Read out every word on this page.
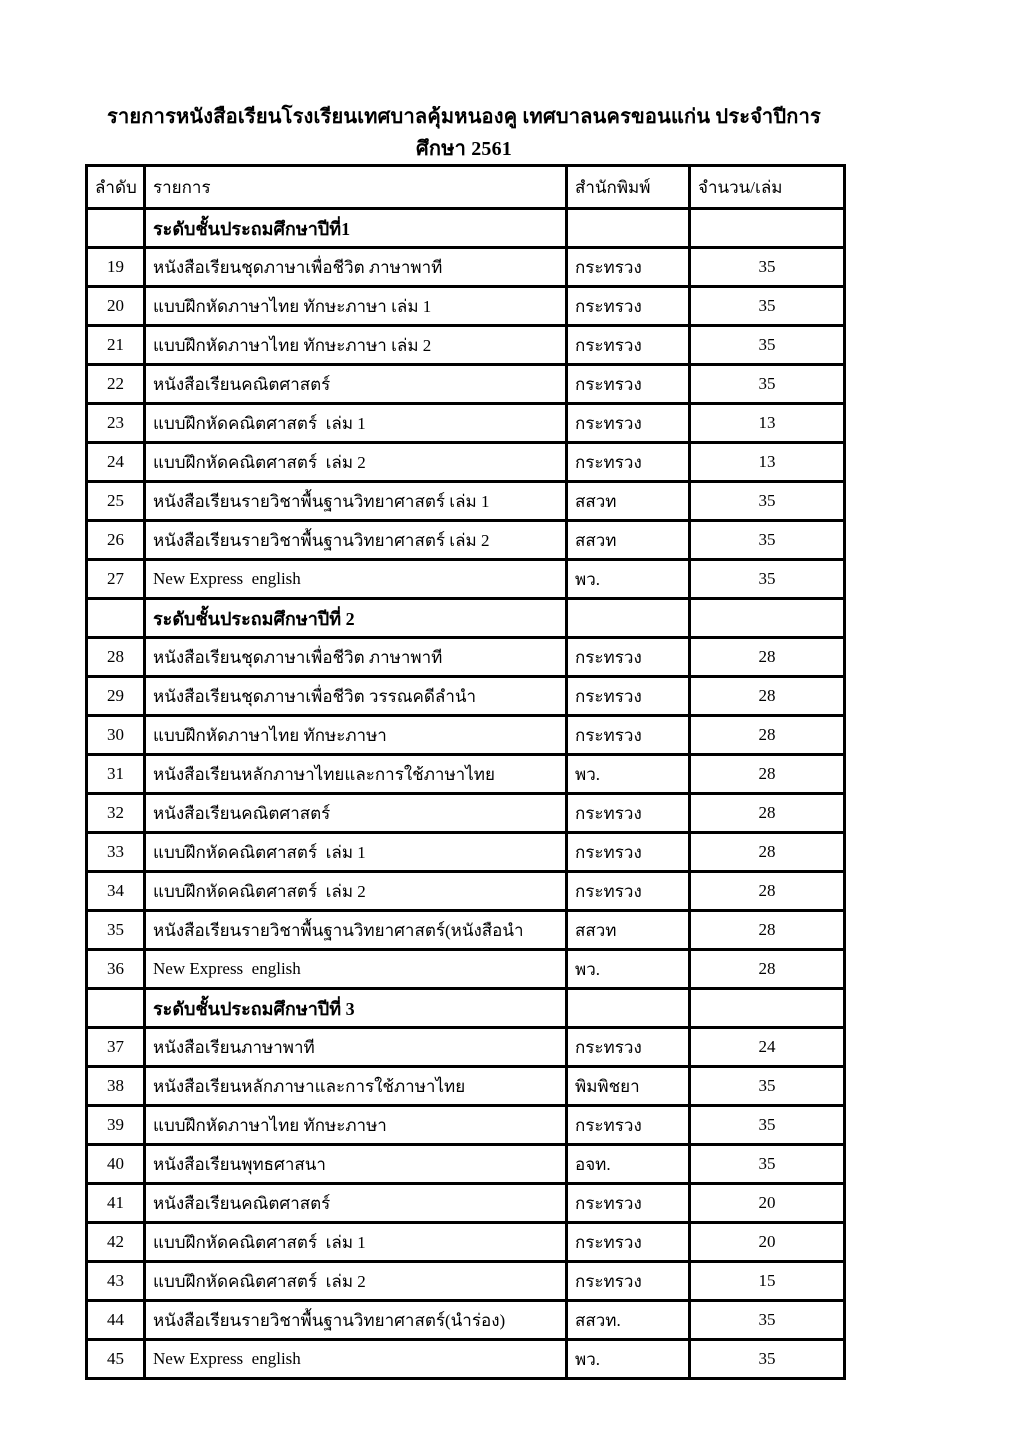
รายการหนังสือเรียนโรงเรียนเทศบาลคุ้มหนองคู เทศบาลนครขอนแก่น ประจำปีการศึกษา 2561
ลำดับ	รายการ	สำนักพิมพ์	จำนวน/เล่ม
	ระดับชั้นประถมศึกษาปีที่1		
19	หนังสือเรียนชุดภาษาเพื่อชีวิต ภาษาพาที	กระทรวง	35
20	แบบฝึกหัดภาษาไทย ทักษะภาษา เล่ม 1	กระทรวง	35
21	แบบฝึกหัดภาษาไทย ทักษะภาษา เล่ม 2	กระทรวง	35
22	หนังสือเรียนคณิตศาสตร์	กระทรวง	35
23	แบบฝึกหัดคณิตศาสตร์  เล่ม 1	กระทรวง	13
24	แบบฝึกหัดคณิตศาสตร์  เล่ม 2	กระทรวง	13
25	หนังสือเรียนรายวิชาพื้นฐานวิทยาศาสตร์ เล่ม 1	สสวท	35
26	หนังสือเรียนรายวิชาพื้นฐานวิทยาศาสตร์ เล่ม 2	สสวท	35
27	New Express  english	พว.	35
	ระดับชั้นประถมศึกษาปีที่ 2		
28	หนังสือเรียนชุดภาษาเพื่อชีวิต ภาษาพาที	กระทรวง	28
29	หนังสือเรียนชุดภาษาเพื่อชีวิต วรรณคดีลำนำ	กระทรวง	28
30	แบบฝึกหัดภาษาไทย ทักษะภาษา	กระทรวง	28
31	หนังสือเรียนหลักภาษาไทยและการใช้ภาษาไทย	พว.	28
32	หนังสือเรียนคณิตศาสตร์	กระทรวง	28
33	แบบฝึกหัดคณิตศาสตร์  เล่ม 1	กระทรวง	28
34	แบบฝึกหัดคณิตศาสตร์  เล่ม 2	กระทรวง	28
35	หนังสือเรียนรายวิชาพื้นฐานวิทยาศาสตร์(หนังสือนำ	สสวท	28
36	New Express  english	พว.	28
	ระดับชั้นประถมศึกษาปีที่ 3		
37	หนังสือเรียนภาษาพาที	กระทรวง	24
38	หนังสือเรียนหลักภาษาและการใช้ภาษาไทย	พิมพิชยา	35
39	แบบฝึกหัดภาษาไทย ทักษะภาษา	กระทรวง	35
40	หนังสือเรียนพุทธศาสนา	อจท.	35
41	หนังสือเรียนคณิตศาสตร์	กระทรวง	20
42	แบบฝึกหัดคณิตศาสตร์  เล่ม 1	กระทรวง	20
43	แบบฝึกหัดคณิตศาสตร์  เล่ม 2	กระทรวง	15
44	หนังสือเรียนรายวิชาพื้นฐานวิทยาศาสตร์(นำร่อง)	สสวท.	35
45	New Express  english	พว.	35
